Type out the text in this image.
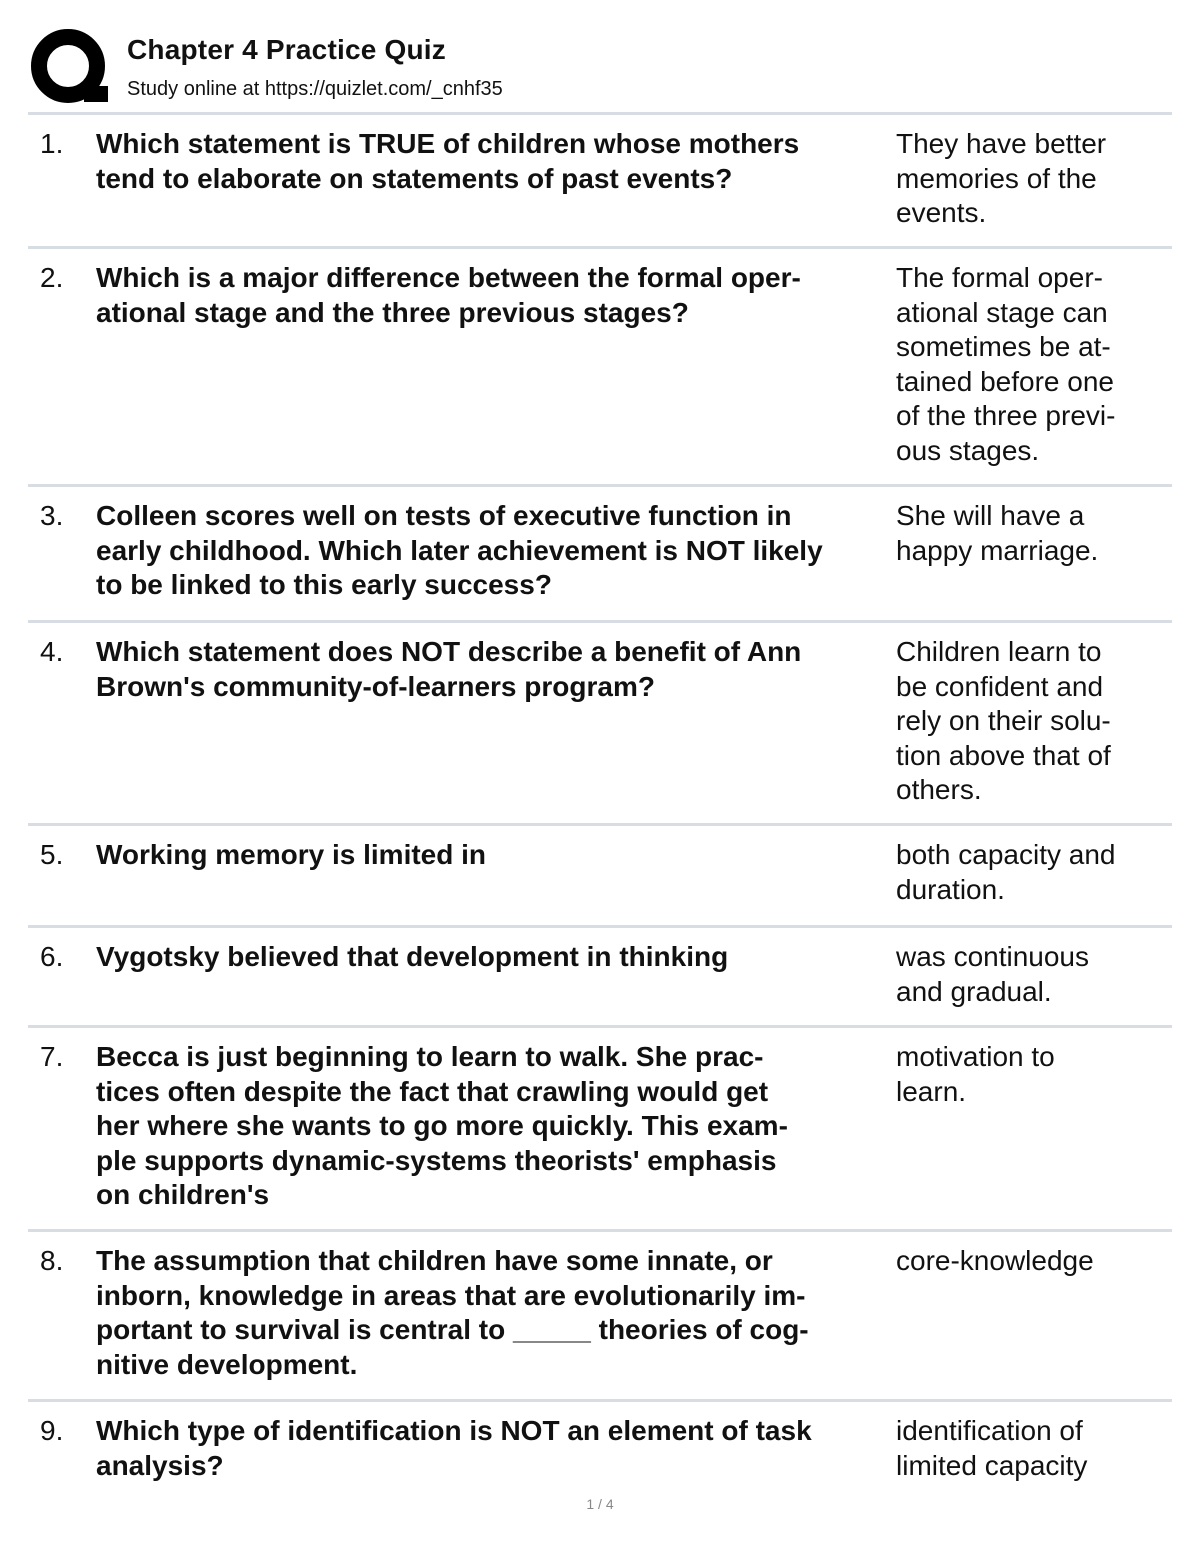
Chapter 4 Practice Quiz
Study online at https://quizlet.com/_cnhf35
1. Which statement is TRUE of children whose mothers
tend to elaborate on statements of past events?
They have better
memories of the
events.
2. Which is a major difference between the formal oper-
ational stage and the three previous stages?
The formal oper-
ational stage can
sometimes be at-
tained before one
of the three previ-
ous stages.
3. Colleen scores well on tests of executive function in
early childhood. Which later achievement is NOT likely
to be linked to this early success?
She will have a
happy marriage.
4. Which statement does NOT describe a benefit of Ann
Brown's community-of-learners program?
Children learn to
be confident and
rely on their solu-
tion above that of
others.
5. Working memory is limited in	both capacity and
duration.
6. Vygotsky believed that development in thinking	was continuous
and gradual.
7. Becca is just beginning to learn to walk. She prac-
tices often despite the fact that crawling would get
her where she wants to go more quickly. This exam-
ple supports dynamic-systems theorists' emphasis
on children's
motivation to
learn.
8. The assumption that children have some innate, or
inborn, knowledge in areas that are evolutionarily im-
portant to survival is central to _____ theories of cog-
nitive development.
core-knowledge
9. Which type of identification is NOT an element of task
analysis?
identification of
limited capacity
1 / 4
